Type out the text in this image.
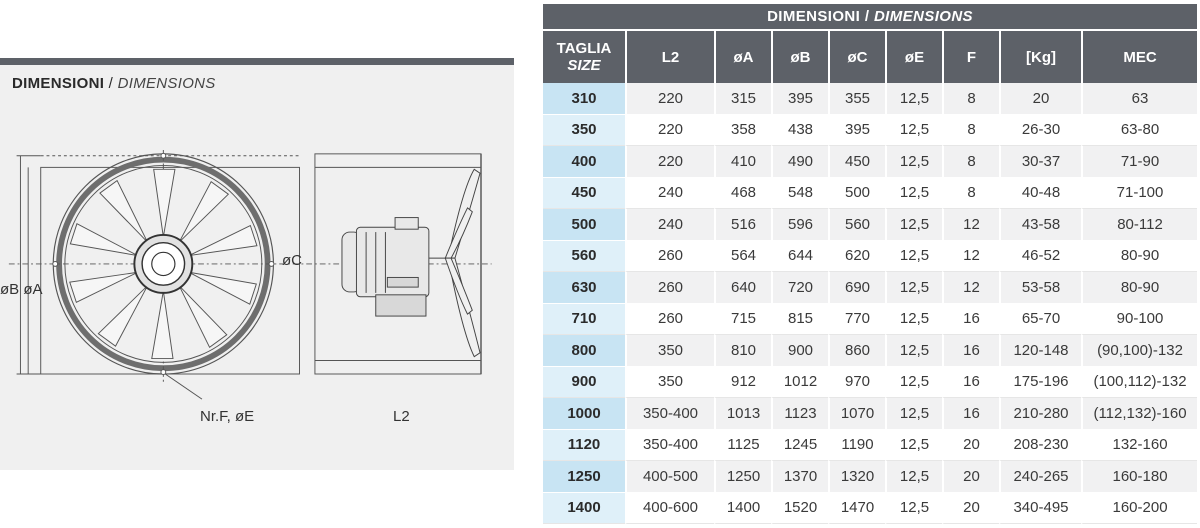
DIMENSIONI / DIMENSIONS
øC
øB øA
Nr.F, øE	L2
DIMENSIONI / DIMENSIONS								
TAGLIA
SIZE	L2	øA	øB	øC	øE	F	[Kg]	MEC
310	220	315	395	355	12,5	8	20	63
350	220	358	438	395	12,5	8	26-30	63-80
400	220	410	490	450	12,5	8	30-37	71-90
450	240	468	548	500	12,5	8	40-48	71-100
500	240	516	596	560	12,5	12	43-58	80-112
560	260	564	644	620	12,5	12	46-52	80-90
630	260	640	720	690	12,5	12	53-58	80-90
710	260	715	815	770	12,5	16	65-70	90-100
800	350	810	900	860	12,5	16	120-148	(90,100)-132
900	350	912	1012	970	12,5	16	175-196	(100,112)-132
1000	350-400	1013	1123	1070	12,5	16	210-280	(112,132)-160
1120	350-400	1125	1245	1190	12,5	20	208-230	132-160
1250	400-500	1250	1370	1320	12,5	20	240-265	160-180
1400	400-600	1400	1520	1470	12,5	20	340-495	160-200
